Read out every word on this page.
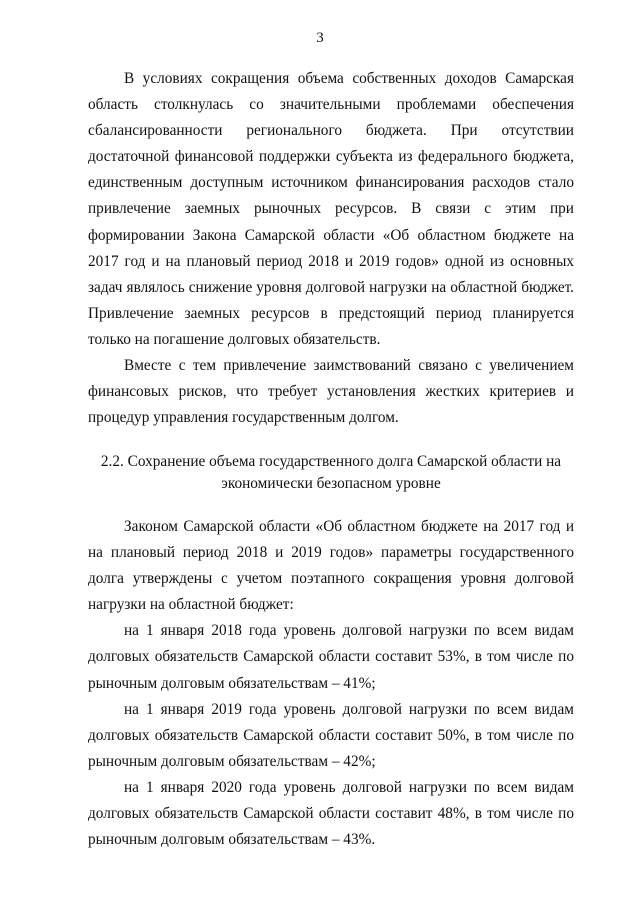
3

В условиях сокращения объема собственных доходов Самарская область столкнулась со значительными проблемами обеспечения сбалансированности регионального бюджета. При отсутствии достаточной финансовой поддержки субъекта из федерального бюджета, единственным доступным источником финансирования расходов стало привлечение заемных рыночных ресурсов. В связи с этим при формировании Закона Самарской области «Об областном бюджете на 2017 год и на плановый период 2018 и 2019 годов» одной из основных задач являлось снижение уровня долговой нагрузки на областной бюджет. Привлечение заемных ресурсов в предстоящий период планируется только на погашение долговых обязательств.

Вместе с тем привлечение заимствований связано с увеличением финансовых рисков, что требует установления жестких критериев и процедур управления государственным долгом.

2.2. Сохранение объема государственного долга Самарской области на

экономически безопасном уровне

Законом Самарской области «Об областном бюджете на 2017 год и на плановый период 2018 и 2019 годов» параметры государственного долга утверждены с учетом поэтапного сокращения уровня долговой нагрузки на областной бюджет:

на 1 января 2018 года уровень долговой нагрузки по всем видам долговых обязательств Самарской области составит 53%, в том числе по рыночным долговым обязательствам – 41%;

на 1 января 2019 года уровень долговой нагрузки по всем видам долговых обязательств Самарской области составит 50%, в том числе по рыночным долговым обязательствам – 42%;

на 1 января 2020 года уровень долговой нагрузки по всем видам долговых обязательств Самарской области составит 48%, в том числе по рыночным долговым обязательствам – 43%.
